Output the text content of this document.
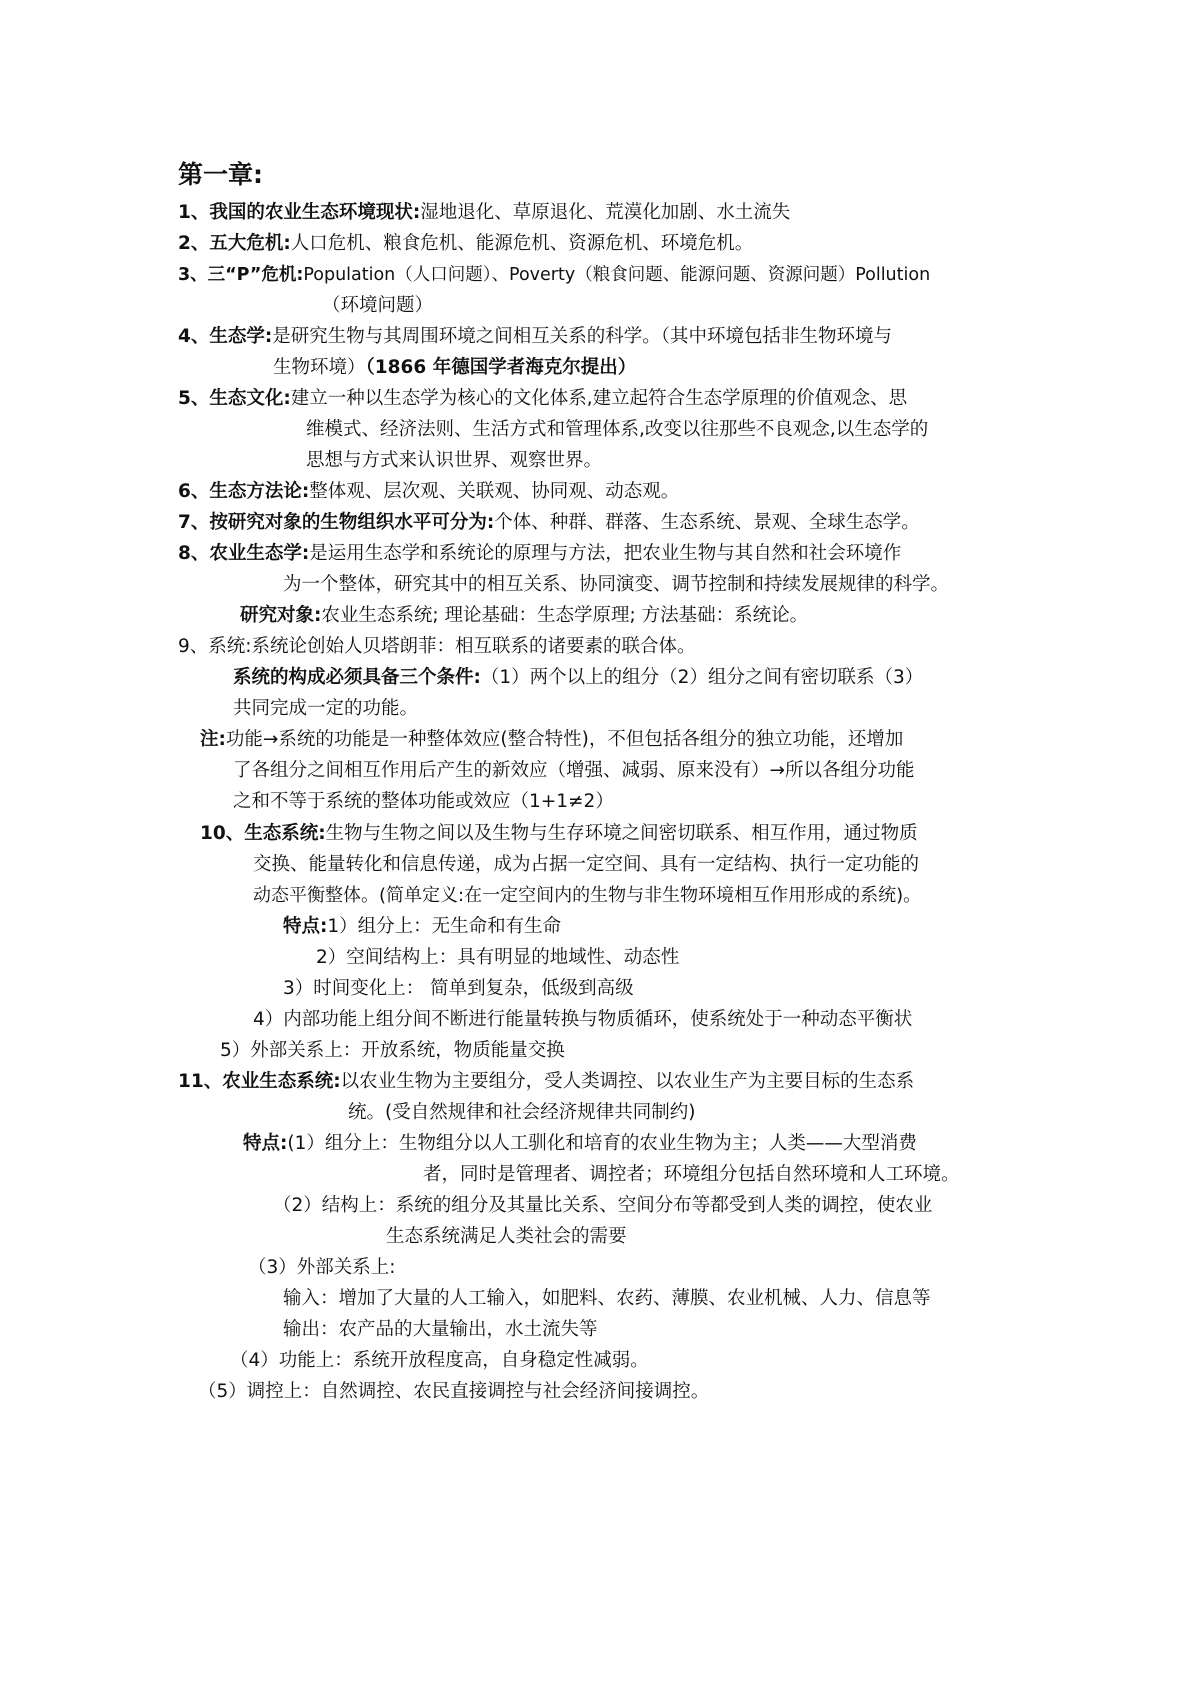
第一章:
1、我国的农业生态环境现状:湿地退化、草原退化、荒漠化加剧、水土流失
2、五大危机:人口危机、粮食危机、能源危机、资源危机、环境危机。
3、三“P”危机:Population（人口问题）、Poverty（粮食问题、能源问题、资源问题）Pollution
（环境问题）
4、生态学:是研究生物与其周围环境之间相互关系的科学。（其中环境包括非生物环境与
生物环境）（1866 年德国学者海克尔提出）
5、生态文化:建立一种以生态学为核心的文化体系,建立起符合生态学原理的价值观念、思
维模式、经济法则、生活方式和管理体系,改变以往那些不良观念,以生态学的
思想与方式来认识世界、观察世界。
6、生态方法论:整体观、层次观、关联观、协同观、动态观。
7、按研究对象的生物组织水平可分为:个体、种群、群落、生态系统、景观、全球生态学。
8、农业生态学:是运用生态学和系统论的原理与方法，把农业生物与其自然和社会环境作
为一个整体，研究其中的相互关系、协同演变、调节控制和持续发展规律的科学。
研究对象:农业生态系统; 理论基础：生态学原理; 方法基础：系统论。
9、系统:系统论创始人贝塔朗菲：相互联系的诸要素的联合体。
系统的构成必须具备三个条件:（1）两个以上的组分（2）组分之间有密切联系（3）
共同完成一定的功能。
注:功能→系统的功能是一种整体效应(整合特性)，不但包括各组分的独立功能，还增加
了各组分之间相互作用后产生的新效应（增强、减弱、原来没有）→所以各组分功能
之和不等于系统的整体功能或效应（1+1≠2）
10、生态系统:生物与生物之间以及生物与生存环境之间密切联系、相互作用，通过物质
交换、能量转化和信息传递，成为占据一定空间、具有一定结构、执行一定功能的
动态平衡整体。(简单定义:在一定空间内的生物与非生物环境相互作用形成的系统)。
特点:1）组分上：无生命和有生命
2）空间结构上：具有明显的地域性、动态性
3）时间变化上： 简单到复杂，低级到高级
4）内部功能上组分间不断进行能量转换与物质循环，使系统处于一种动态平衡状
5）外部关系上：开放系统，物质能量交换
11、农业生态系统:以农业生物为主要组分，受人类调控、以农业生产为主要目标的生态系
统。(受自然规律和社会经济规律共同制约)
特点:(1）组分上：生物组分以人工驯化和培育的农业生物为主；人类——大型消费
者，同时是管理者、调控者；环境组分包括自然环境和人工环境。
（2）结构上：系统的组分及其量比关系、空间分布等都受到人类的调控，使农业
生态系统满足人类社会的需要
（3）外部关系上:
输入：增加了大量的人工输入，如肥料、农药、薄膜、农业机械、人力、信息等
输出：农产品的大量输出，水土流失等
（4）功能上：系统开放程度高，自身稳定性减弱。
（5）调控上：自然调控、农民直接调控与社会经济间接调控。
